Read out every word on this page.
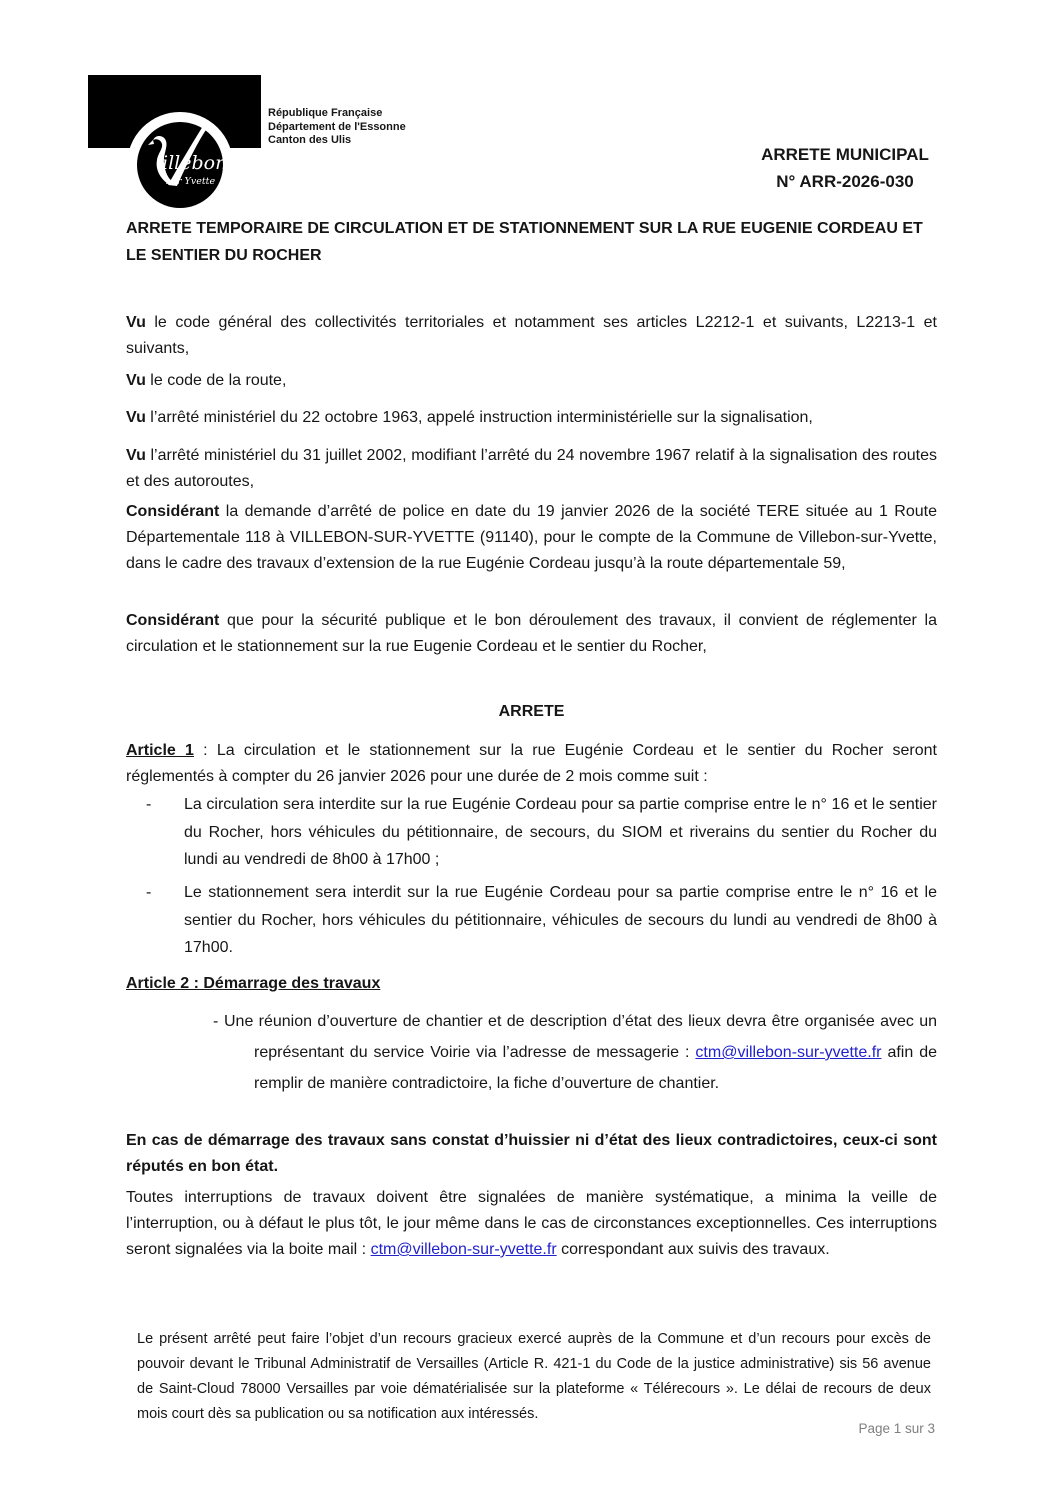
illebon
sur Yvette
République Française
Département de l'Essonne
Canton des Ulis
ARRETE MUNICIPAL
N° ARR-2026-030
ARRETE TEMPORAIRE DE CIRCULATION ET DE STATIONNEMENT SUR LA RUE EUGENIE CORDEAU ET LE SENTIER DU ROCHER
Vu le code général des collectivités territoriales et notamment ses articles L2212-1 et suivants, L2213-1 et suivants,
Vu le code de la route,
Vu l’arrêté ministériel du 22 octobre 1963, appelé instruction interministérielle sur la signalisation,
Vu l’arrêté ministériel du 31 juillet 2002, modifiant l’arrêté du 24 novembre 1967 relatif à la signalisation des routes et des autoroutes,
Considérant la demande d’arrêté de police en date du 19 janvier 2026 de la société TERE située au 1 Route Départementale 118 à VILLEBON-SUR-YVETTE (91140), pour le compte de la Commune de Villebon-sur-Yvette, dans le cadre des travaux d’extension de la rue Eugénie Cordeau jusqu’à la route départementale 59,
Considérant que pour la sécurité publique et le bon déroulement des travaux, il convient de réglementer la circulation et le stationnement sur la rue Eugenie Cordeau et le sentier du Rocher,
ARRETE
Article 1 : La circulation et le stationnement sur la rue Eugénie Cordeau et le sentier du Rocher seront réglementés à compter du 26 janvier 2026 pour une durée de 2 mois comme suit :
- La circulation sera interdite sur la rue Eugénie Cordeau pour sa partie comprise entre le n° 16 et le sentier du Rocher, hors véhicules du pétitionnaire, de secours, du SIOM et riverains du sentier du Rocher du lundi au vendredi de 8h00 à 17h00 ;
- Le stationnement sera interdit sur la rue Eugénie Cordeau pour sa partie comprise entre le n° 16 et le sentier du Rocher, hors véhicules du pétitionnaire, véhicules de secours du lundi au vendredi de 8h00 à 17h00.
Article 2 : Démarrage des travaux
- Une réunion d’ouverture de chantier et de description d’état des lieux devra être organisée avec un représentant du service Voirie via l’adresse de messagerie : ctm@villebon-sur-yvette.fr afin de remplir de manière contradictoire, la fiche d’ouverture de chantier.
En cas de démarrage des travaux sans constat d’huissier ni d’état des lieux contradictoires, ceux-ci sont réputés en bon état.
Toutes interruptions de travaux doivent être signalées de manière systématique, a minima la veille de l’interruption, ou à défaut le plus tôt, le jour même dans le cas de circonstances exceptionnelles. Ces interruptions seront signalées via la boite mail : ctm@villebon-sur-yvette.fr correspondant aux suivis des travaux.
Le présent arrêté peut faire l’objet d’un recours gracieux exercé auprès de la Commune et d’un recours pour excès de pouvoir devant le Tribunal Administratif de Versailles (Article R. 421-1 du Code de la justice administrative) sis 56 avenue de Saint-Cloud 78000 Versailles par voie dématérialisée sur la plateforme « Télérecours ». Le délai de recours de deux mois court dès sa publication ou sa notification aux intéressés.
Page 1 sur 3
